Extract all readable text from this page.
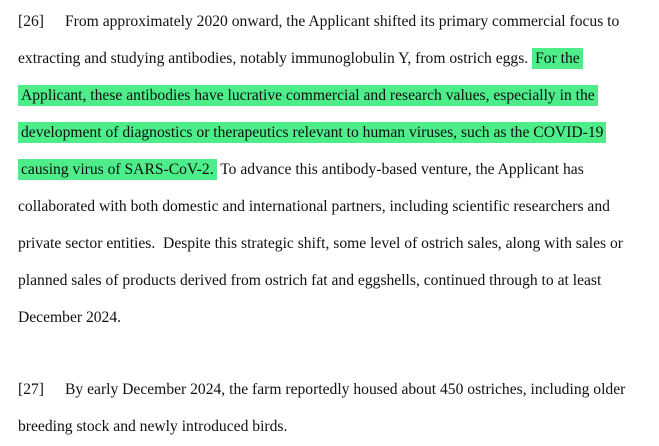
[26] From approximately 2020 onward, the Applicant shifted its primary commercial focus to
extracting and studying antibodies, notably immunoglobulin Y, from ostrich eggs. For the
Applicant, these antibodies have lucrative commercial and research values, especially in the
development of diagnostics or therapeutics relevant to human viruses, such as the COVID-19
causing virus of SARS-CoV-2. To advance this antibody-based venture, the Applicant has
collaborated with both domestic and international partners, including scientific researchers and
private sector entities.  Despite this strategic shift, some level of ostrich sales, along with sales or
planned sales of products derived from ostrich fat and eggshells, continued through to at least
December 2024.

[27] By early December 2024, the farm reportedly housed about 450 ostriches, including older
breeding stock and newly introduced birds.
